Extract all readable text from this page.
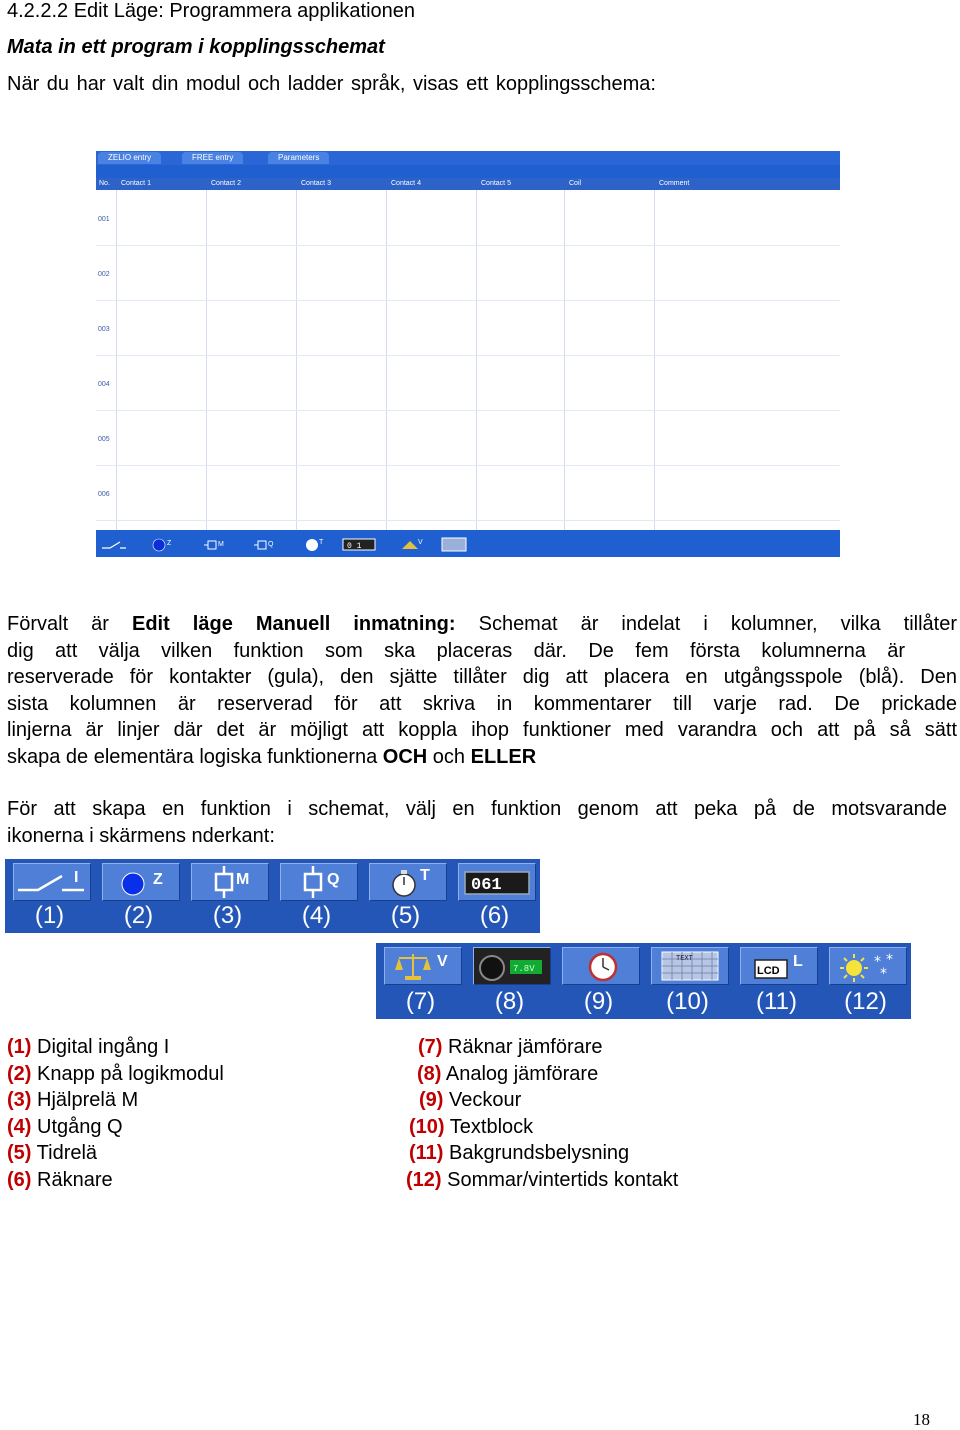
4.2.2.2 Edit Läge: Programmera applikationen
Mata in ett program i kopplingsschemat
När du har valt din modul och ladder språk, visas ett kopplingsschema:
ZELIO entry	FREE entry	Parameters
No.	Contact 1	Contact 2	Contact 3	Contact 4	Contact 5	Coil	Comment
001
002
003
004
005
006
Z	M	Q	T	0 1	V
Förvalt är Edit läge Manuell inmatning: Schemat är indelat i kolumner, vilka tillåter
dig att välja vilken funktion som ska placeras där. De fem första kolumnerna är
reserverade för kontakter (gula), den sjätte tillåter dig att placera en utgångsspole (blå). Den
sista kolumnen är reserverad för att skriva in kommentarer till varje rad. De prickade
linjerna är linjer där det är möjligt att koppla ihop funktioner med varandra och att på så sätt
skapa de elementära logiska funktionerna OCH och ELLER
För att skapa en funktion i schemat, välj en funktion genom att peka på de motsvarande
ikonerna i skärmens nderkant:
I
(1)
Z
(2)
M
(3)
Q
(4)
T
(5)
061
(6)
V
(7)
7.8V
(8)	(9)
TEXT
(10)
LCD
L
(11)
* *
*
(12)
(1) Digital ingång I
(2) Knapp på logikmodul
(3) Hjälprelä M
(4) Utgång Q
(5) Tidrelä
(6) Räknare
(7) Räknar jämförare
(8) Analog jämförare
(9) Veckour
(10) Textblock
(11) Bakgrundsbelysning
(12) Sommar/vintertids kontakt
18
